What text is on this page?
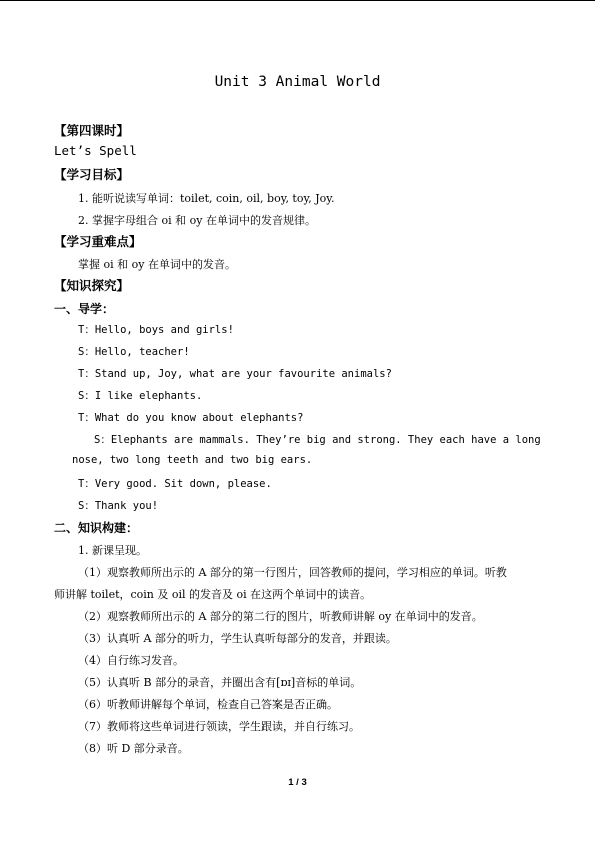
Unit 3 Animal World
【第四课时】
Let’s Spell
【学习目标】
1. 能听说读写单词：toilet, coin, oil, boy, toy, Joy.
2. 掌握字母组合 oi 和 oy 在单词中的发音规律。
【学习重难点】
掌握 oi 和 oy 在单词中的发音。
【知识探究】
一、导学：
T：Hello, boys and girls!
S：Hello, teacher!
T：Stand up, Joy, what are your favourite animals?
S：I like elephants.
T：What do you know about elephants?
S：Elephants are mammals. They’re big and strong. They each have a long
nose, two long teeth and two big ears.
T：Very good. Sit down, please.
S：Thank you!
二、知识构建：
1. 新课呈现。
（1）观察教师所出示的 A 部分的第一行图片，回答教师的提问，学习相应的单词。听教
师讲解 toilet，coin 及 oil 的发音及 oi 在这两个单词中的读音。
（2）观察教师所出示的 A 部分的第二行的图片，听教师讲解 oy 在单词中的发音。
（3）认真听 A 部分的听力，学生认真听每部分的发音，并跟读。
（4）自行练习发音。
（5）认真听 B 部分的录音，并圈出含有[ɒɪ]音标的单词。
（6）听教师讲解每个单词，检查自己答案是否正确。
（7）教师将这些单词进行领读，学生跟读，并自行练习。
（8）听 D 部分录音。
1 / 3
